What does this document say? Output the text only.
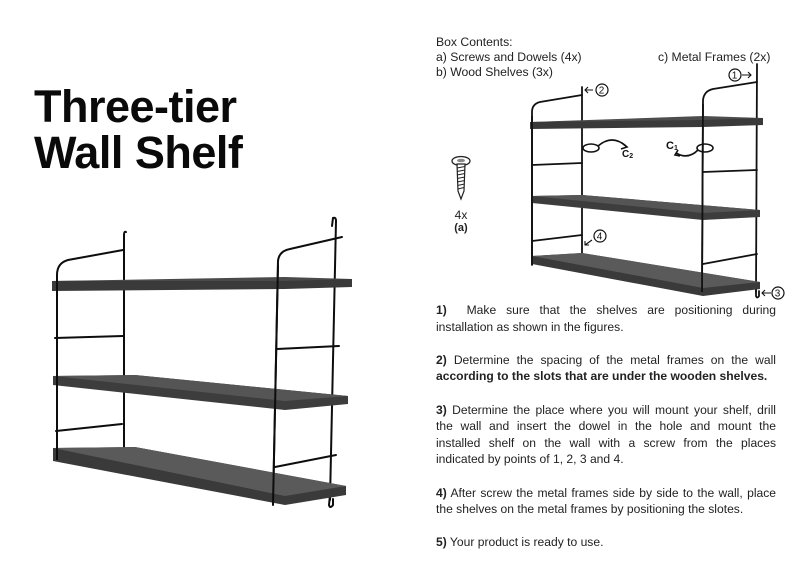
Three-tier
Wall Shelf
Box Contents:
a) Screws and Dowels (4x)
b) Wood Shelves (3x)
c) Metal Frames (2x)
4x
(a)
C2
C1
1
2
3
4

1) Make sure that the shelves are positioning during installation as shown in the figures.

2) Determine the spacing of the metal frames on the wall according to the slots that are under the wooden shelves.

3) Determine the place where you will mount your shelf, drill the wall and insert the dowel in the hole and mount the installed shelf on the wall with a screw from the places indicated by points of 1, 2, 3 and 4.

4) After screw the metal frames side by side to the wall, place the shelves on the metal frames by positioning the slotes.

5) Your product is ready to use.
